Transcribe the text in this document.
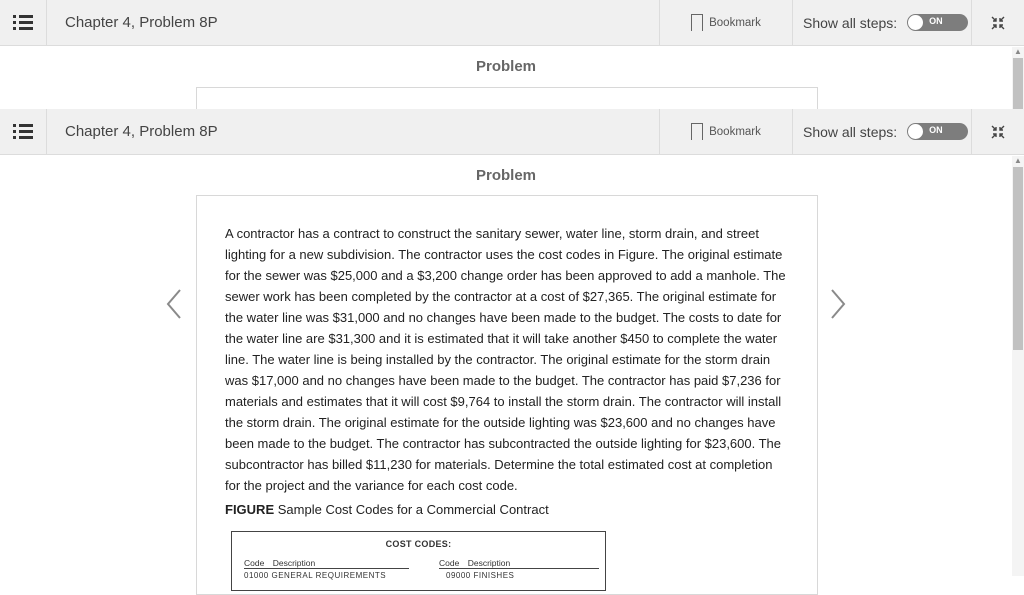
Chapter 4, Problem 8P	Bookmark	Show all steps:	ON
Problem
▲
Chapter 4, Problem 8P	Bookmark	Show all steps:	ON
Problem

A contractor has a contract to construct the sanitary sewer, water line, storm drain, and street lighting for a new subdivision. The contractor uses the cost codes in Figure. The original estimate for the sewer was $25,000 and a $3,200 change order has been approved to add a manhole. The sewer work has been completed by the contractor at a cost of $27,365. The original estimate for the water line was $31,000 and no changes have been made to the budget. The costs to date for the water line are $31,300 and it is estimated that it will take another $450 to complete the water line. The water line is being installed by the contractor. The original estimate for the storm drain was $17,000 and no changes have been made to the budget. The contractor has paid $7,236 for materials and estimates that it will cost $9,764 to install the storm drain. The contractor will install the storm drain. The original estimate for the outside lighting was $23,600 and no changes have been made to the budget. The contractor has subcontracted the outside lighting for $23,600. The subcontractor has billed $11,230 for materials. Determine the total estimated cost at completion for the project and the variance for each cost code.

FIGURE Sample Cost Codes for a Commercial Contract

COST CODES:
Code Description	Code Description
01000 GENERAL REQUIREMENTS	09000 FINISHES
▲
